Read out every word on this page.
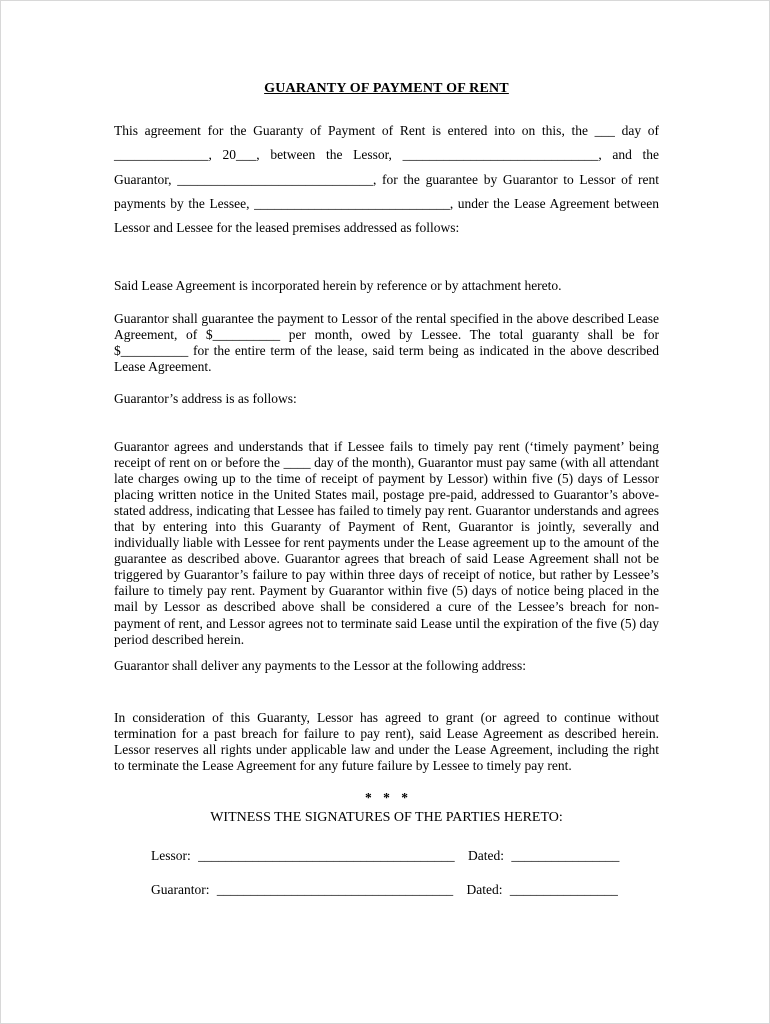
GUARANTY OF PAYMENT OF RENT

This agreement for the Guaranty of Payment of Rent is entered into on this, the ___ day of ______________, 20___, between the Lessor, _____________________________, and the Guarantor, _____________________________, for the guarantee by Guarantor to Lessor of rent payments by the Lessee, _____________________________, under the Lease Agreement between Lessor and Lessee for the leased premises addressed as follows:

Said Lease Agreement is incorporated herein by reference or by attachment hereto.

Guarantor shall guarantee the payment to Lessor of the rental specified in the above described Lease Agreement, of $__________ per month, owed by Lessee. The total guaranty shall be for $__________ for the entire term of the lease, said term being as indicated in the above described Lease Agreement.

Guarantor’s address is as follows:

Guarantor agrees and understands that if Lessee fails to timely pay rent (‘timely payment’ being receipt of rent on or before the ____ day of the month), Guarantor must pay same (with all attendant late charges owing up to the time of receipt of payment by Lessor) within five (5) days of Lessor placing written notice in the United States mail, postage pre-paid, addressed to Guarantor’s above-stated address, indicating that Lessee has failed to timely pay rent. Guarantor understands and agrees that by entering into this Guaranty of Payment of Rent, Guarantor is jointly, severally and individually liable with Lessee for rent payments under the Lease agreement up to the amount of the guarantee as described above. Guarantor agrees that breach of said Lease Agreement shall not be triggered by Guarantor’s failure to pay within three days of receipt of notice, but rather by Lessee’s failure to timely pay rent. Payment by Guarantor within five (5) days of notice being placed in the mail by Lessor as described above shall be considered a cure of the Lessee’s breach for non-payment of rent, and Lessor agrees not to terminate said Lease until the expiration of the five (5) day period described herein.

Guarantor shall deliver any payments to the Lessor at the following address:

In consideration of this Guaranty, Lessor has agreed to grant (or agreed to continue without termination for a past breach for failure to pay rent), said Lease Agreement as described herein. Lessor reserves all rights under applicable law and under the Lease Agreement, including the right to terminate the Lease Agreement for any future failure by Lessee to timely pay rent.

* * *

WITNESS THE SIGNATURES OF THE PARTIES HERETO:

Lessor: ______________________________________ Dated: ________________
Guarantor: ___________________________________ Dated: ________________
